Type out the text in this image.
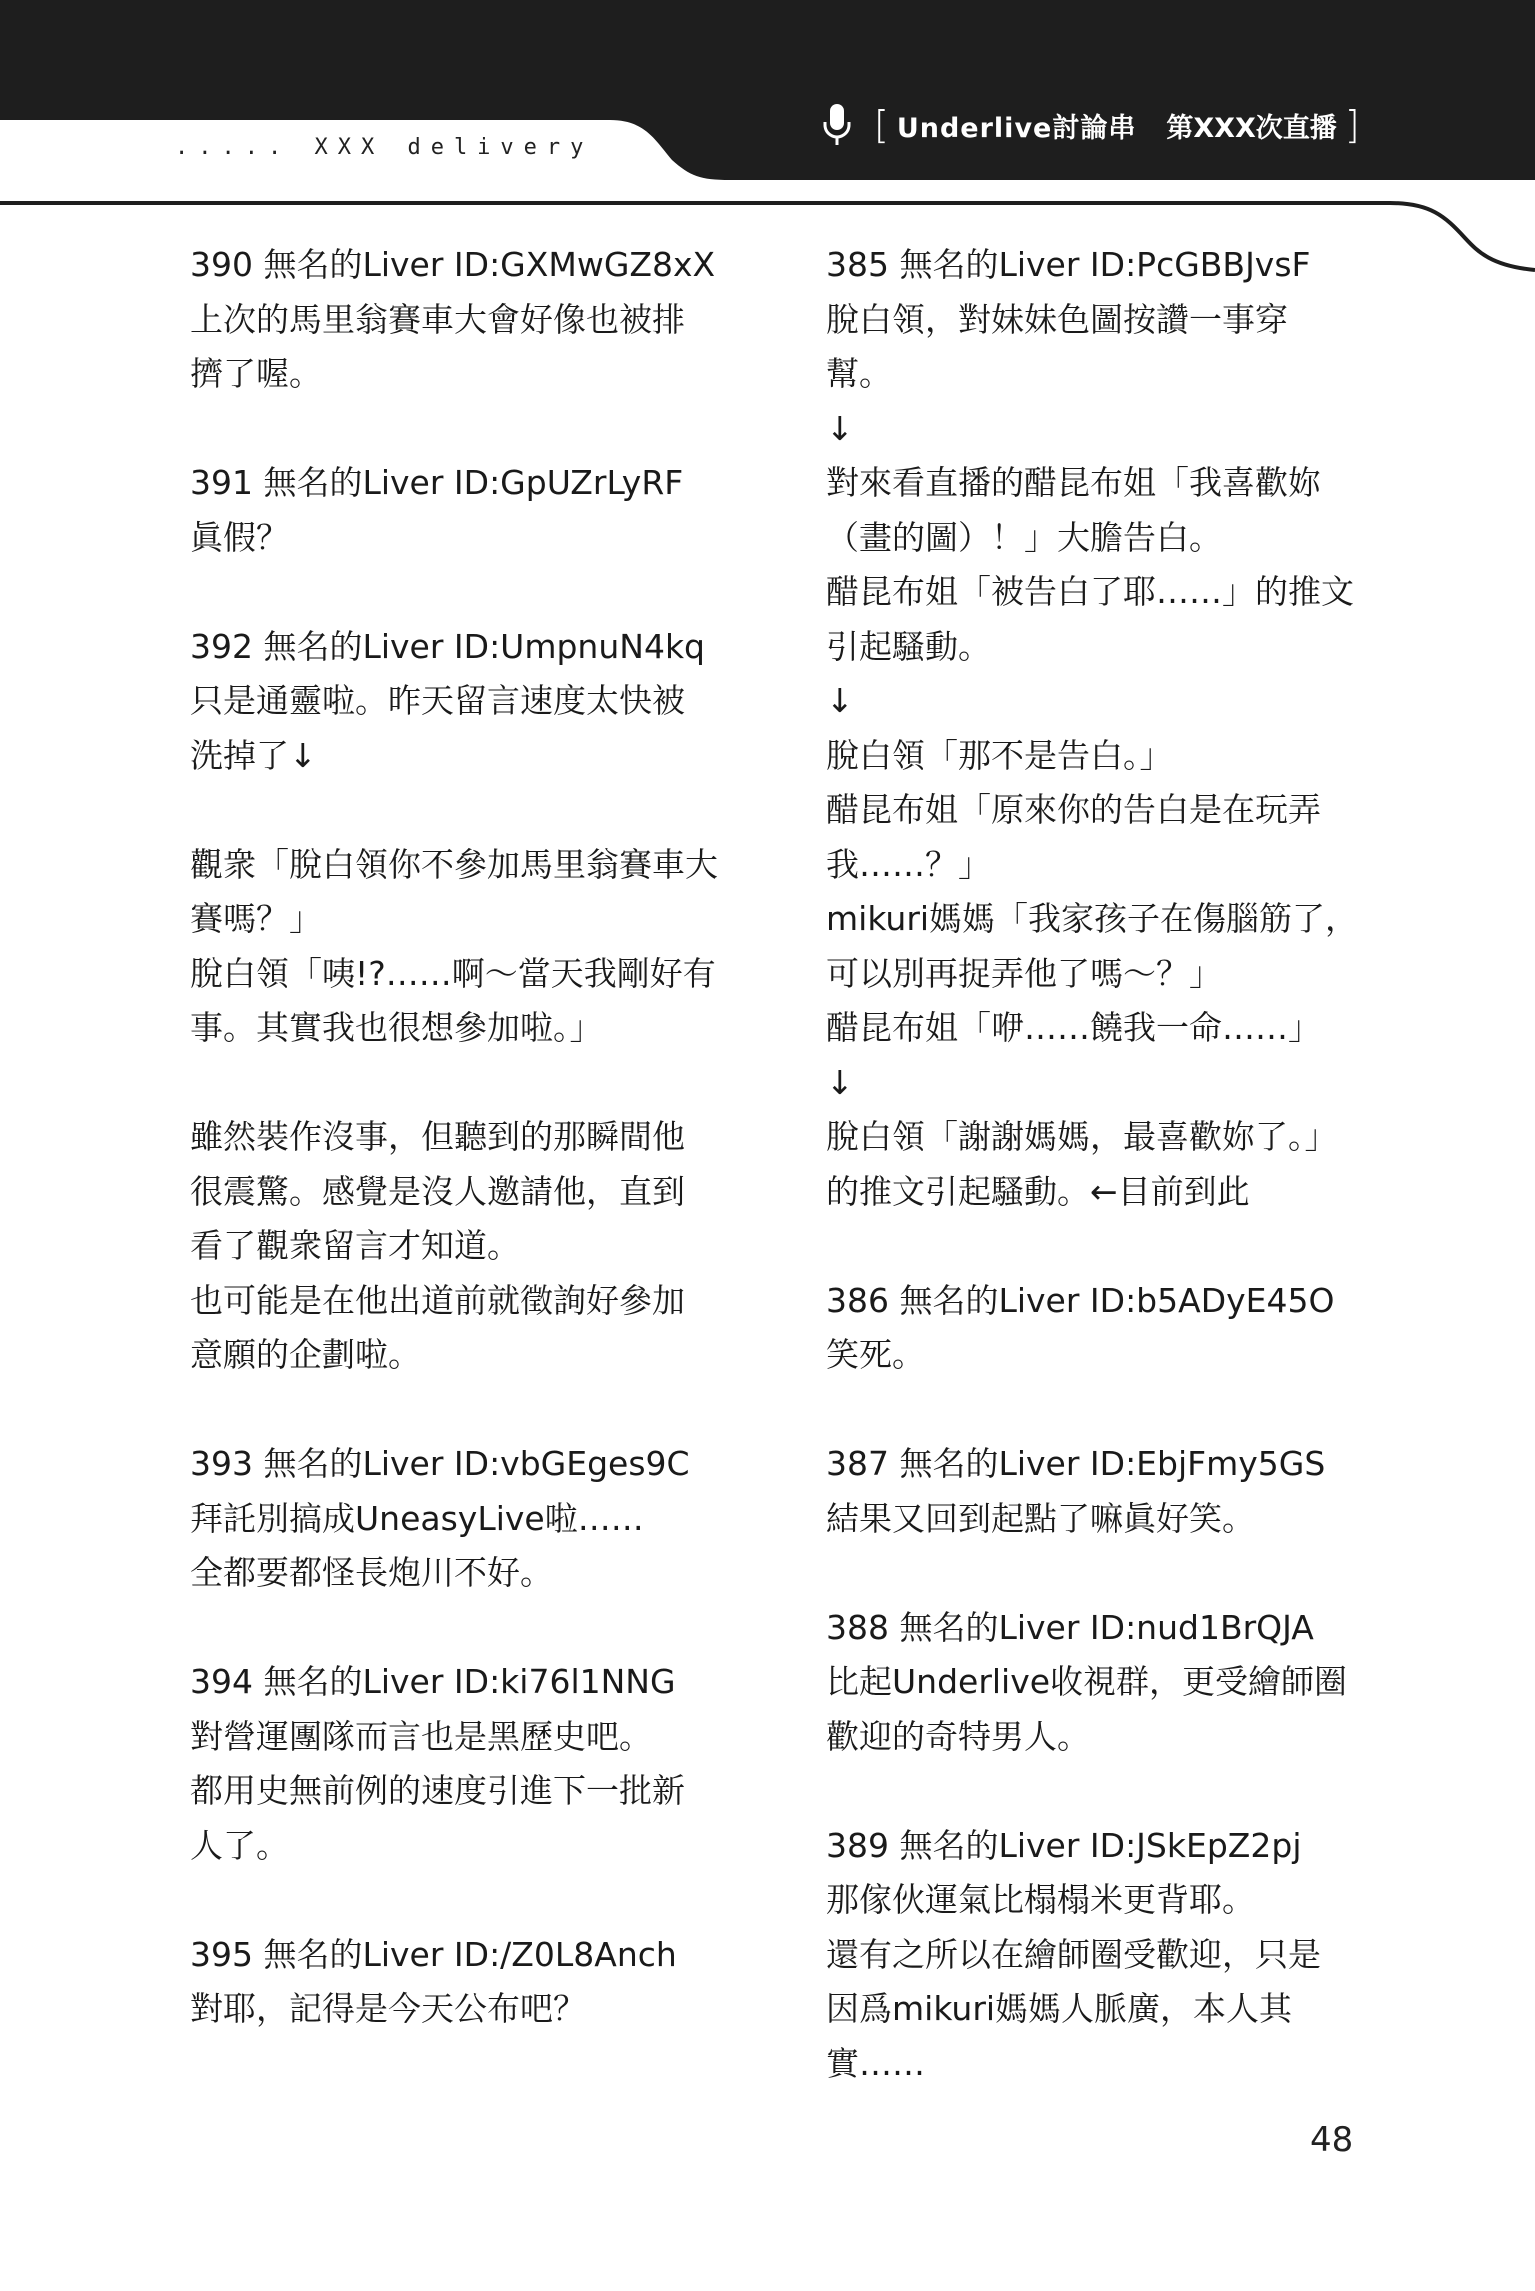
..... XXX delivery
[ Underlive討論串 第XXX次直播 ]
390 無名的Liver ID:GXMwGZ8xX
上次的馬里翁賽車大會好像也被排
擠了喔。
391 無名的Liver ID:GpUZrLyRF
眞假？
392 無名的Liver ID:UmpnuN4kq
只是通靈啦。昨天留言速度太快被
洗掉了↓

觀衆「脫白領你不參加馬里翁賽車大
賽嗎？」
脫白領「咦!?……啊～當天我剛好有
事。其實我也很想參加啦。」

雖然裝作沒事，但聽到的那瞬間他
很震驚。感覺是沒人邀請他，直到
看了觀衆留言才知道。
也可能是在他出道前就徵詢好參加
意願的企劃啦。
393 無名的Liver ID:vbGEges9C
拜託別搞成UneasyLive啦……
全都要都怪長炮川不好。
394 無名的Liver ID:ki76l1NNG
對營運團隊而言也是黑歷史吧。
都用史無前例的速度引進下一批新
人了。
395 無名的Liver ID:/Z0L8Anch
對耶，記得是今天公布吧？
385 無名的Liver ID:PcGBBJvsF
脫白領，對妹妹色圖按讚一事穿
幫。
↓
對來看直播的醋昆布姐「我喜歡妳
（畫的圖）！」大膽告白。
醋昆布姐「被告白了耶……」的推文
引起騷動。
↓
脫白領「那不是告白。」
醋昆布姐「原來你的告白是在玩弄
我……？」
mikuri媽媽「我家孩子在傷腦筋了，
可以別再捉弄他了嗎～？」
醋昆布姐「咿……饒我一命……」
↓
脫白領「謝謝媽媽，最喜歡妳了。」
的推文引起騷動。←目前到此
386 無名的Liver ID:b5ADyE45O
笑死。
387 無名的Liver ID:EbjFmy5GS
結果又回到起點了嘛眞好笑。
388 無名的Liver ID:nud1BrQJA
比起Underlive收視群，更受繪師圈
歡迎的奇特男人。
389 無名的Liver ID:JSkEpZ2pj
那傢伙運氣比榻榻米更背耶。
還有之所以在繪師圈受歡迎，只是
因爲mikuri媽媽人脈廣，本人其
實……
48
